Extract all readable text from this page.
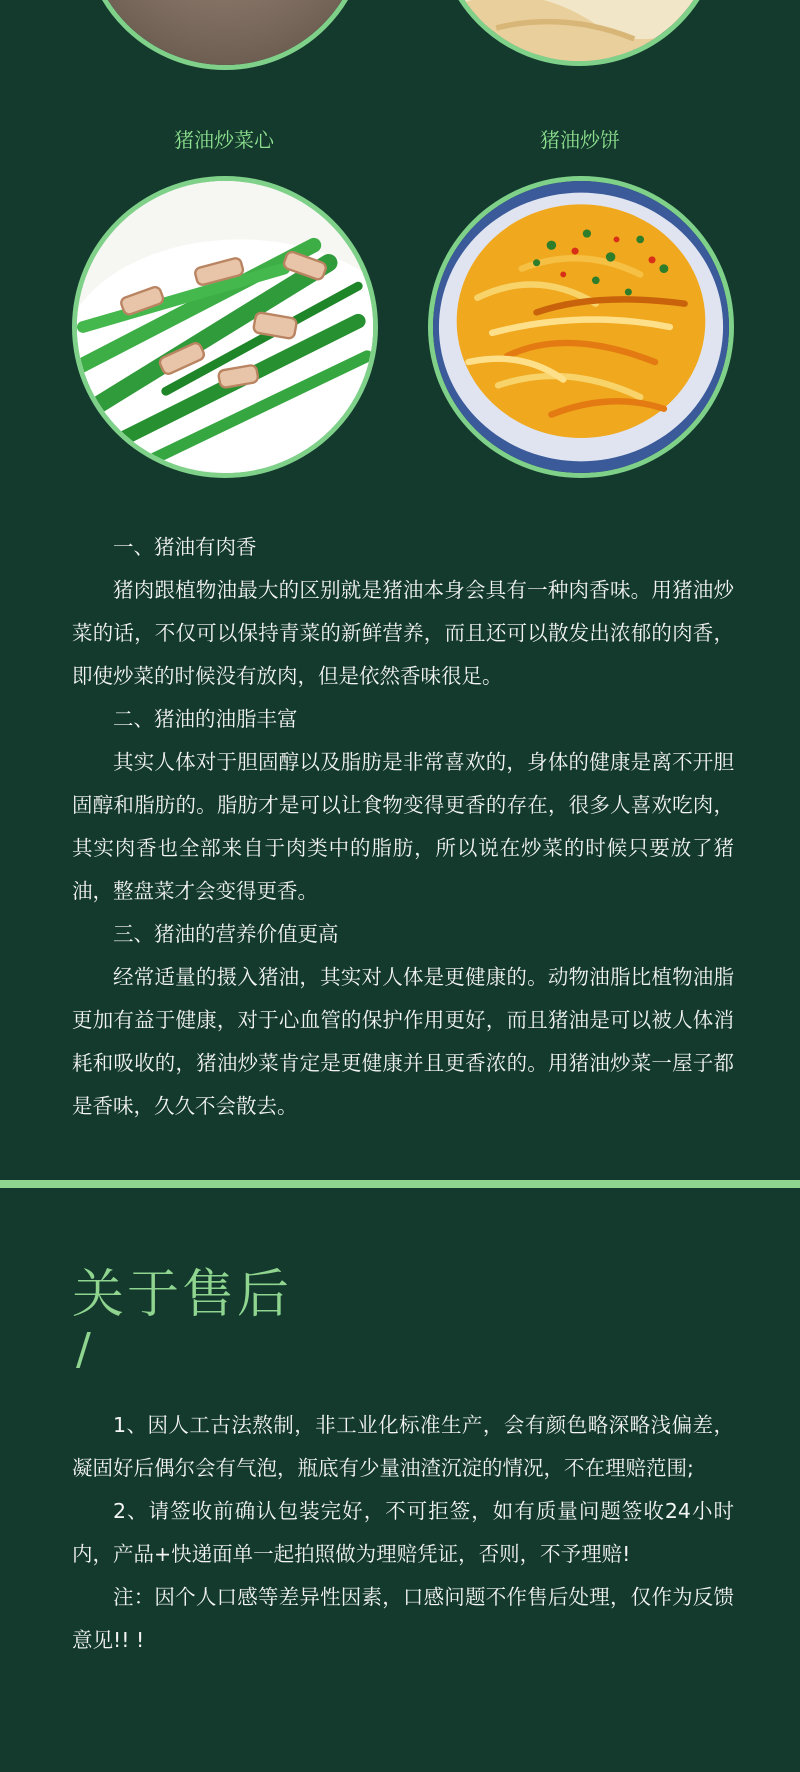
猪油炒菜心	猪油炒饼

一、猪油有肉香

猪肉跟植物油最大的区别就是猪油本身会具有一种肉香味。用猪油炒菜的话，不仅可以保持青菜的新鲜营养，而且还可以散发出浓郁的肉香，即使炒菜的时候没有放肉，但是依然香味很足。

二、猪油的油脂丰富

其实人体对于胆固醇以及脂肪是非常喜欢的，身体的健康是离不开胆固醇和脂肪的。脂肪才是可以让食物变得更香的存在，很多人喜欢吃肉，其实肉香也全部来自于肉类中的脂肪，所以说在炒菜的时候只要放了猪油，整盘菜才会变得更香。

三、猪油的营养价值更高

经常适量的摄入猪油，其实对人体是更健康的。动物油脂比植物油脂更加有益于健康，对于心血管的保护作用更好，而且猪油是可以被人体消耗和吸收的，猪油炒菜肯定是更健康并且更香浓的。用猪油炒菜一屋子都是香味，久久不会散去。

关于售后
/

1、因人工古法熬制，非工业化标准生产，会有颜色略深略浅偏差，凝固好后偶尔会有气泡，瓶底有少量油渣沉淀的情况，不在理赔范围;

2、请签收前确认包装完好，不可拒签，如有质量问题签收24小时内，产品+快递面单一起拍照做为理赔凭证，否则，不予理赔!

注：因个人口感等差异性因素，口感问题不作售后处理，仅作为反馈意见!! !
